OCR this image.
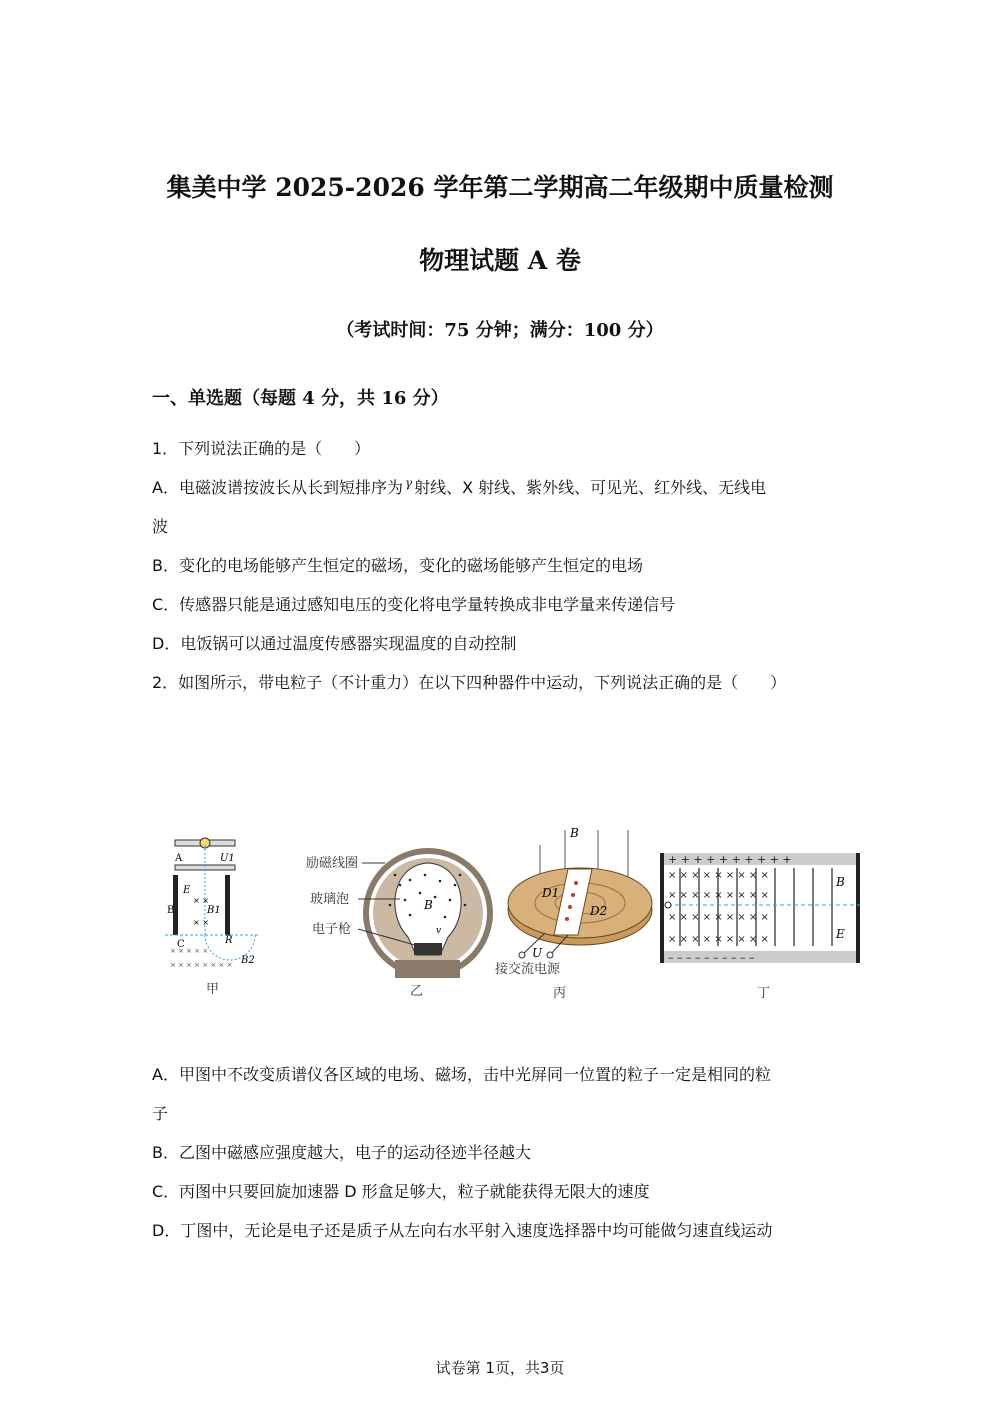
集美中学 2025-2026 学年第二学期高二年级期中质量检测
物理试题 A 卷
（考试时间：75 分钟；满分：100 分）
一、单选题（每题 4 分，共 16 分）
1．下列说法正确的是（　　）
A．电磁波谱按波长从长到短排序为 $^\gamma$ 射线、X 射线、紫外线、可见光、红外线、无线电
波
B．变化的电场能够产生恒定的磁场，变化的磁场能够产生恒定的电场
C．传感器只能是通过感知电压的变化将电学量转换成非电学量来传递信号
D．电饭锅可以通过温度传感器实现温度的自动控制
2．如图所示，带电粒子（不计重力）在以下四种器件中运动，下列说法正确的是（　　）
A	U1
E
× ×
B1
× ×
B
C	R
B2
× × × × ×
× × × × × × × ×
甲
B
v
励磁线圈
玻璃泡
电子枪
乙
B
D1
D2
U
接交流电源
丙
+ + + + + + + + + +
– – – – – – – – – –
× × × × × × × × ×
× × × × × × × × ×
× × × × × × × × ×
× × × × × × × × ×
B
E
丁
A．甲图中不改变质谱仪各区域的电场、磁场，击中光屏同一位置的粒子一定是相同的粒
子
B．乙图中磁感应强度越大，电子的运动径迹半径越大
C．丙图中只要回旋加速器 D 形盒足够大，粒子就能获得无限大的速度
D．丁图中，无论是电子还是质子从左向右水平射入速度选择器中均可能做匀速直线运动
试卷第 1页，共3页
